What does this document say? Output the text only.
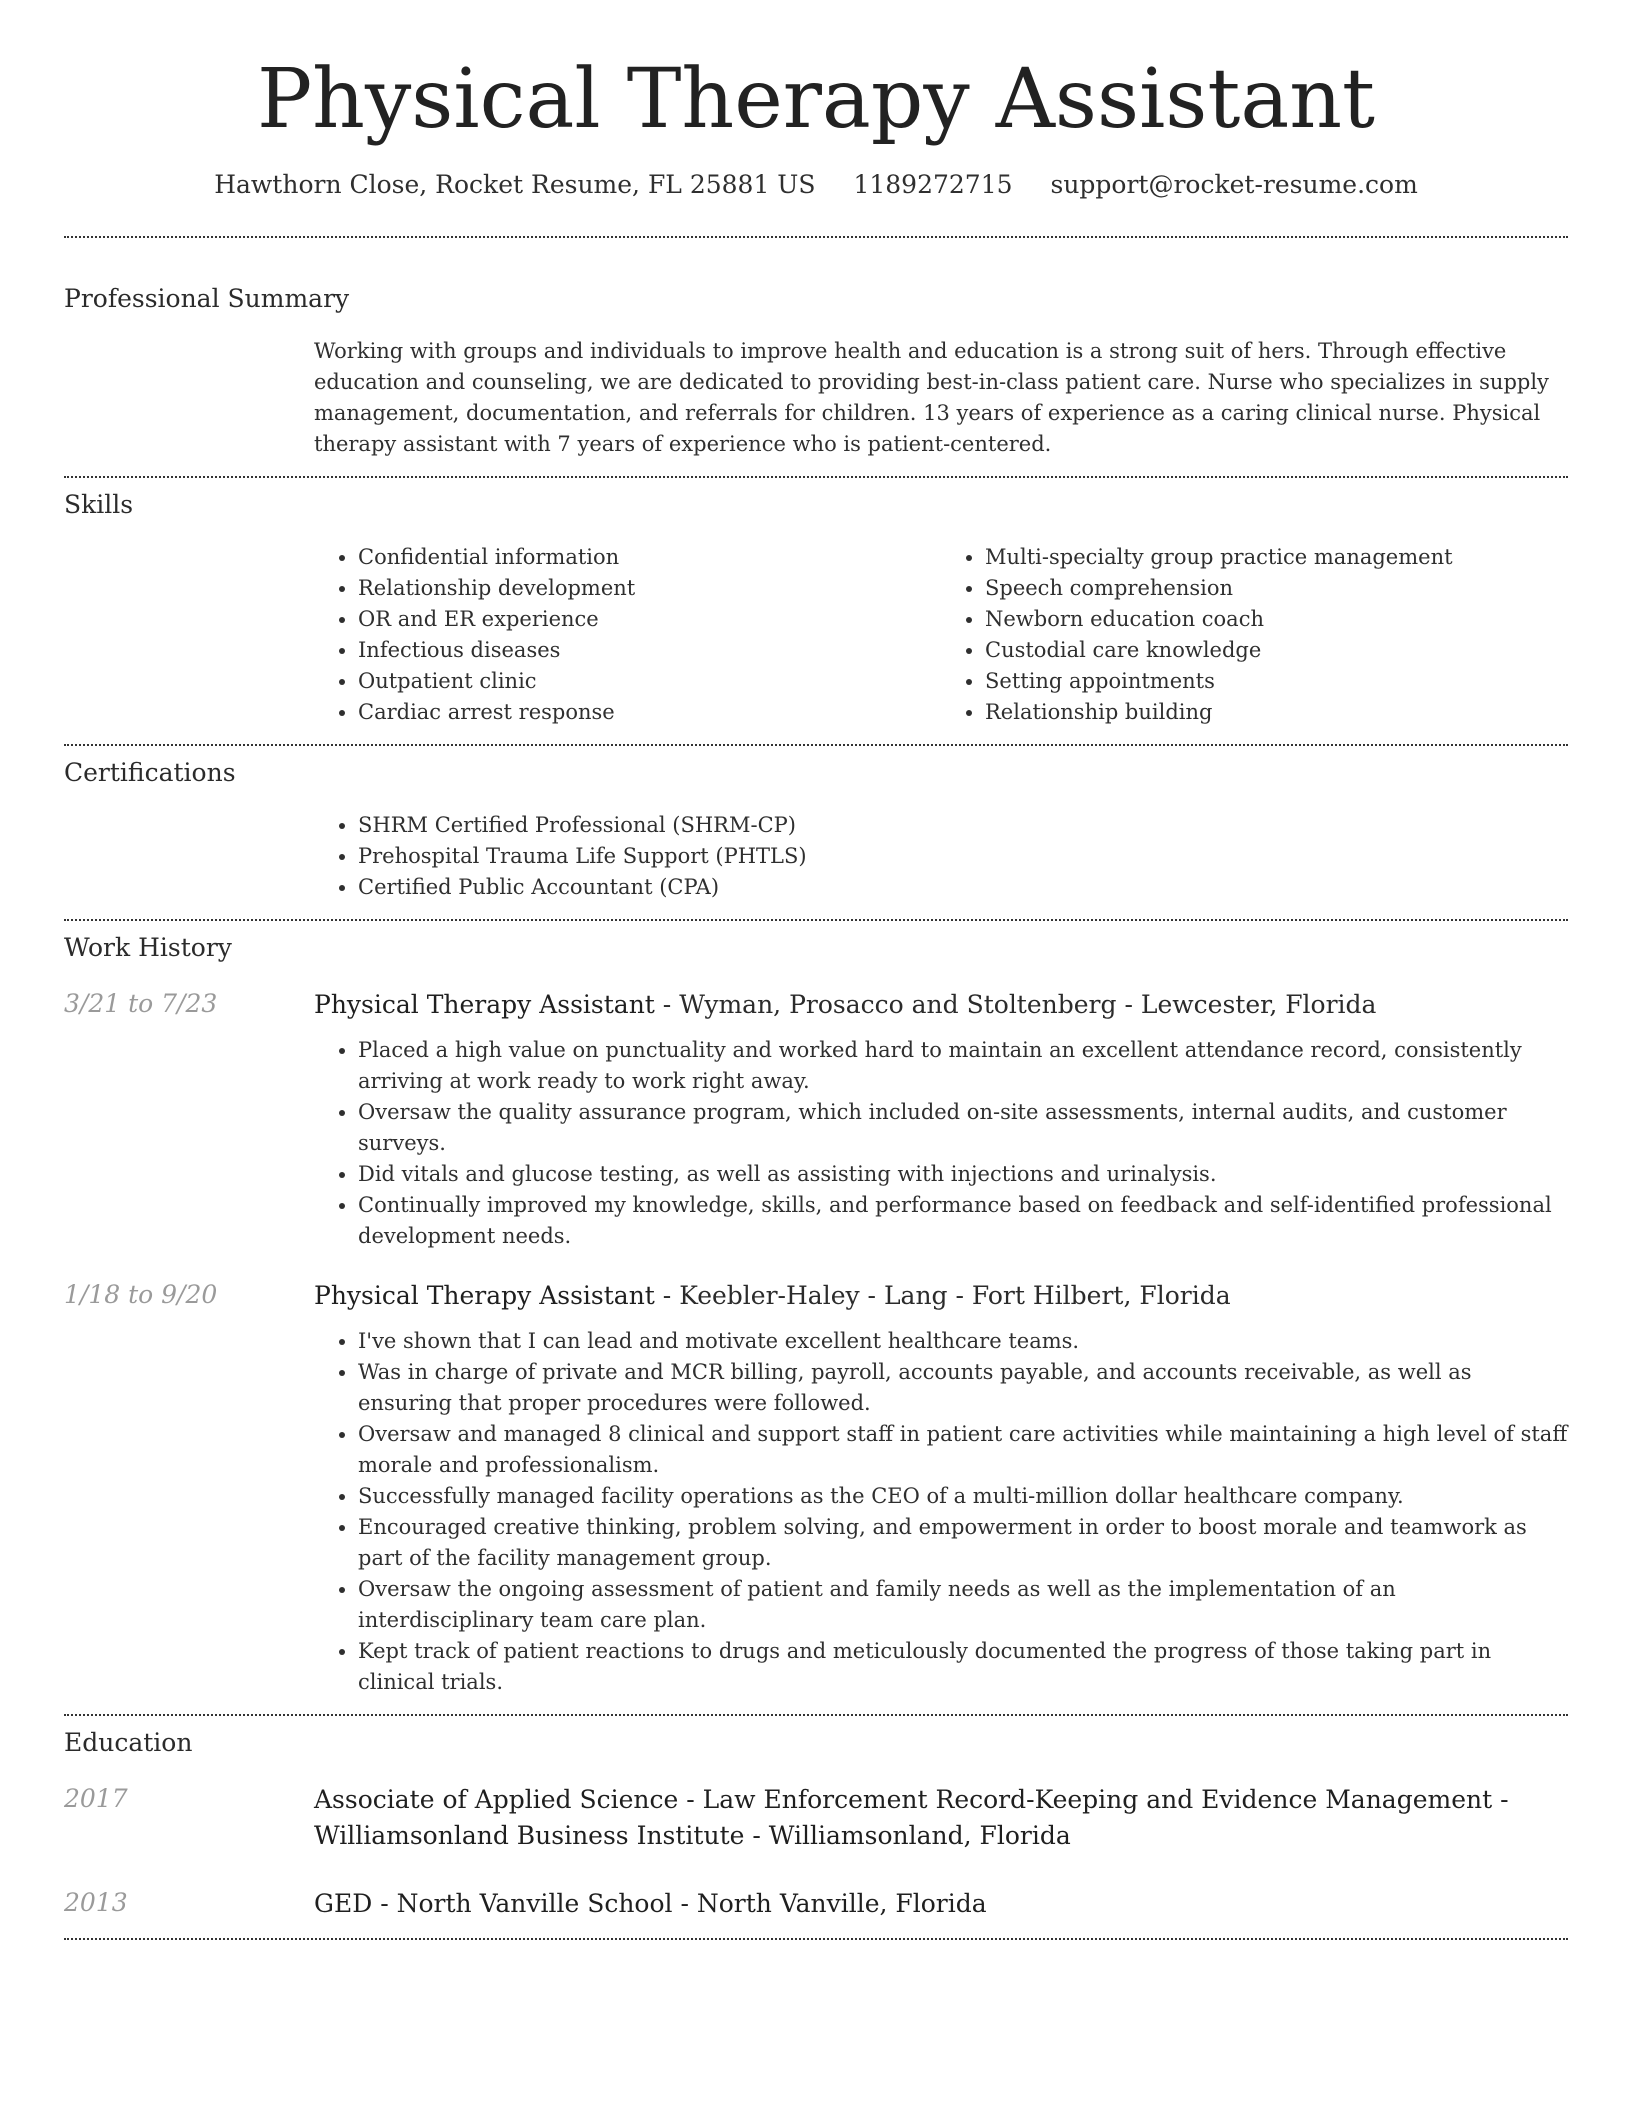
Physical Therapy Assistant
Hawthorn Close, Rocket Resume, FL 25881 US 1189272715 support@rocket-resume.com
Professional Summary
Working with groups and individuals to improve health and education is a strong suit of hers. Through effective education and counseling, we are dedicated to providing best-in-class patient care. Nurse who specializes in supply management, documentation, and referrals for children. 13 years of experience as a caring clinical nurse. Physical therapy assistant with 7 years of experience who is patient-centered.
Skills
• Confidential information
• Relationship development
• OR and ER experience
• Infectious diseases
• Outpatient clinic
• Cardiac arrest response
• Multi-specialty group practice management
• Speech comprehension
• Newborn education coach
• Custodial care knowledge
• Setting appointments
• Relationship building
Certifications
• SHRM Certified Professional (SHRM-CP)
• Prehospital Trauma Life Support (PHTLS)
• Certified Public Accountant (CPA)
Work History
3/21 to 7/23	Physical Therapy Assistant - Wyman, Prosacco and Stoltenberg - Lewcester, Florida
• Placed a high value on punctuality and worked hard to maintain an excellent attendance record, consistently arriving at work ready to work right away.
• Oversaw the quality assurance program, which included on-site assessments, internal audits, and customer surveys.
• Did vitals and glucose testing, as well as assisting with injections and urinalysis.
• Continually improved my knowledge, skills, and performance based on feedback and self-identified professional development needs.
1/18 to 9/20	Physical Therapy Assistant - Keebler-Haley - Lang - Fort Hilbert, Florida
• I've shown that I can lead and motivate excellent healthcare teams.
• Was in charge of private and MCR billing, payroll, accounts payable, and accounts receivable, as well as ensuring that proper procedures were followed.
• Oversaw and managed 8 clinical and support staff in patient care activities while maintaining a high level of staff morale and professionalism.
• Successfully managed facility operations as the CEO of a multi-million dollar healthcare company.
• Encouraged creative thinking, problem solving, and empowerment in order to boost morale and teamwork as part of the facility management group.
• Oversaw the ongoing assessment of patient and family needs as well as the implementation of an interdisciplinary team care plan.
• Kept track of patient reactions to drugs and meticulously documented the progress of those taking part in clinical trials.
Education
2017	Associate of Applied Science - Law Enforcement Record-Keeping and Evidence Management - Williamsonland Business Institute - Williamsonland, Florida
2013	GED - North Vanville School - North Vanville, Florida
